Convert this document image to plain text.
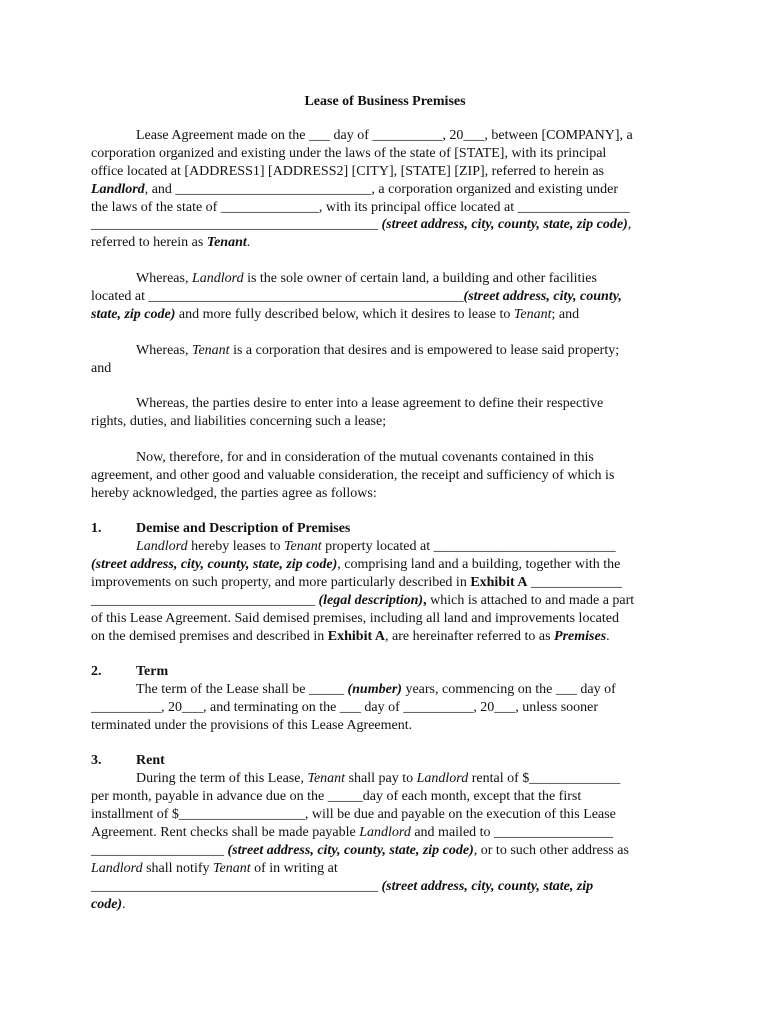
Lease of Business Premises
Lease Agreement made on the ___ day of __________, 20___, between [COMPANY], a
corporation organized and existing under the laws of the state of [STATE], with its principal
office located at [ADDRESS1] [ADDRESS2] [CITY], [STATE] [ZIP], referred to herein as
Landlord, and ____________________________, a corporation organized and existing under
the laws of the state of ______________, with its principal office located at ________________
_________________________________________ (street address, city, county, state, zip code),
referred to herein as Tenant.
Whereas, Landlord is the sole owner of certain land, a building and other facilities
located at _____________________________________________(street address, city, county,
state, zip code) and more fully described below, which it desires to lease to Tenant; and
Whereas, Tenant is a corporation that desires and is empowered to lease said property;
and
Whereas, the parties desire to enter into a lease agreement to define their respective
rights, duties, and liabilities concerning such a lease;
Now, therefore, for and in consideration of the mutual covenants contained in this
agreement, and other good and valuable consideration, the receipt and sufficiency of which is
hereby acknowledged, the parties agree as follows:
1. Demise and Description of Premises
Landlord hereby leases to Tenant property located at __________________________
(street address, city, county, state, zip code), comprising land and a building, together with the
improvements on such property, and more particularly described in Exhibit A _____________
________________________________ (legal description), which is attached to and made a part
of this Lease Agreement. Said demised premises, including all land and improvements located
on the demised premises and described in Exhibit A, are hereinafter referred to as Premises.
2. Term
The term of the Lease shall be _____ (number) years, commencing on the ___ day of
__________, 20___, and terminating on the ___ day of __________, 20___, unless sooner
terminated under the provisions of this Lease Agreement.
3. Rent
During the term of this Lease, Tenant shall pay to Landlord rental of $_____________
per month, payable in advance due on the _____day of each month, except that the first
installment of $__________________, will be due and payable on the execution of this Lease
Agreement. Rent checks shall be made payable Landlord and mailed to _________________
___________________ (street address, city, county, state, zip code), or to such other address as
Landlord shall notify Tenant of in writing at
_________________________________________ (street address, city, county, state, zip
code).
